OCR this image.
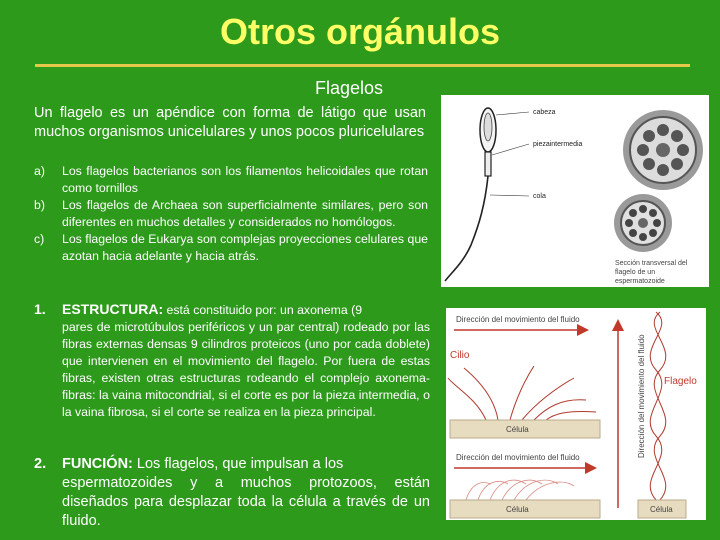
Otros orgánulos
Flagelos
Un flagelo es un apéndice con forma de látigo que usan muchos organismos unicelulares y unos pocos pluricelulares
a)	Los flagelos bacterianos son los filamentos helicoidales que rotan como tornillos
b)	Los flagelos de Archaea son superficialmente similares, pero son diferentes en muchos detalles y considerados no homólogos.
c)	Los flagelos de Eukarya son complejas proyecciones celulares que azotan hacia adelante y hacia atrás.
1.	ESTRUCTURA: está constituido por: un axonema (9
pares de microtúbulos periféricos y un par central) rodeado por las fibras externas densas 9 cilindros proteicos (uno por cada doblete) que intervienen en el movimiento del flagelo. Por fuera de estas fibras, existen otras estructuras rodeando el complejo axonema-fibras: la vaina mitocondrial, si el corte es por la pieza intermedia, o la vaina fibrosa, si el corte se realiza en la pieza principal.
2.	FUNCIÓN: Los flagelos, que impulsan a los
espermatozoides y a muchos protozoos, están diseñados para desplazar toda la célula a través de un fluido.
cabeza
piezaintermedia
cola
Sección transversal del
flagelo de un
espermatozoide
Dirección del movimiento del fluido
Cilio
Célula
Dirección del movimiento del fluido
Célula
Flagelo
Célula
Dirección del movimiento del fluido
